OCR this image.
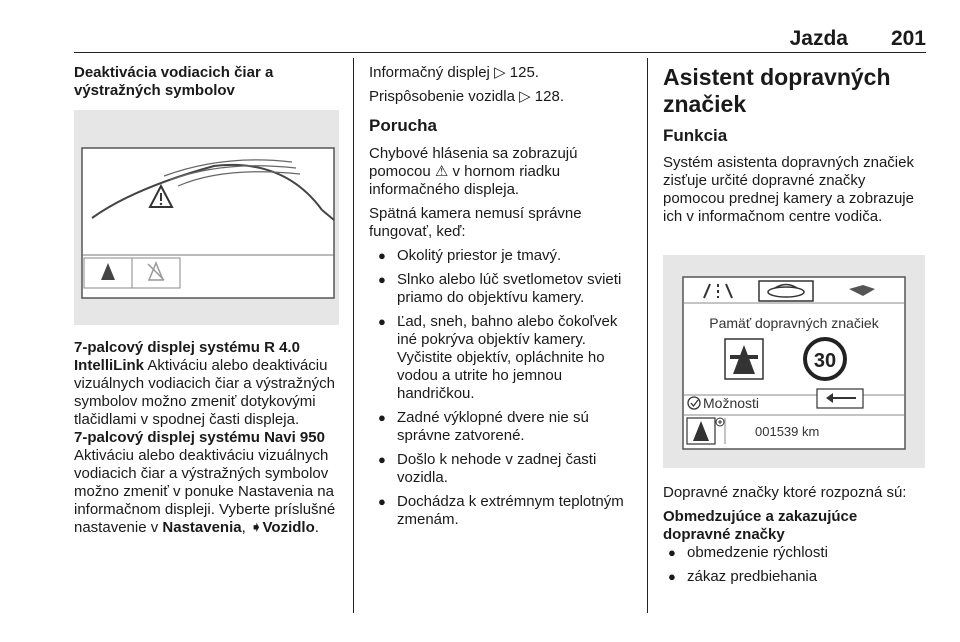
Jazda	201

Deaktivácia vodiacich čiar a výstražných symbolov

7-palcový displej systému R 4.0
IntelliLink Aktiváciu alebo deaktiváciu vizuálnych vodiacich čiar a výstražných symbolov možno zmeniť dotykovými tlačidlami v spodnej časti displeja.

7-palcový displej systému Navi 950
Aktiváciu alebo deaktiváciu vizuálnych vodiacich čiar a výstražných symbolov možno zmeniť v ponuke Nastavenia na informačnom displeji. Vyberte príslušné nastavenie v Nastavenia, ➧Vozidlo.

Informačný displej ▷ 125.

Prispôsobenie vozidla ▷ 128.

Porucha

Chybové hlásenia sa zobrazujú pomocou ⚠ v hornom riadku informačného displeja.

Spätná kamera nemusí správne fungovať, keď:

● Okolitý priestor je tmavý.

● Slnko alebo lúč svetlometov svieti priamo do objektívu kamery.

● Ľad, sneh, bahno alebo čokoľvek iné pokrýva objektív kamery. Vyčistite objektív, opláchnite ho vodou a utrite ho jemnou handričkou.

● Zadné výklopné dvere nie sú správne zatvorené.

● Došlo k nehode v zadnej časti vozidla.

● Dochádza k extrémnym teplotným zmenám.

Asistent dopravných značiek

Funkcia

Systém asistenta dopravných značiek zisťuje určité dopravné značky pomocou prednej kamery a zobrazuje ich v informačnom centre vodiča.

Pamäť dopravných značiek
30
Možnosti
001539 km

Dopravné značky ktoré rozpozná sú:

Obmedzujúce a zakazujúce dopravné značky

● obmedzenie rýchlosti

● zákaz predbiehania
